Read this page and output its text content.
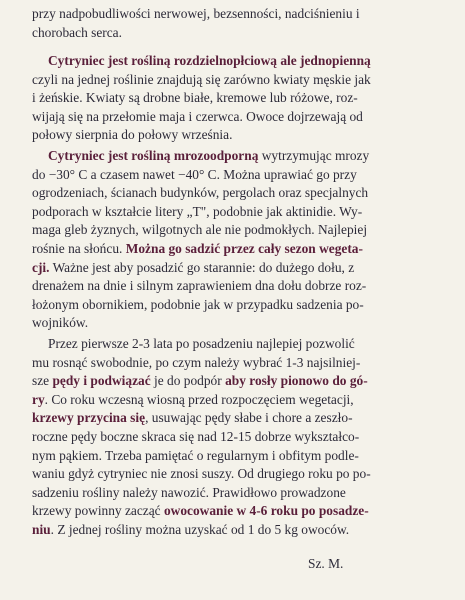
przy nadpobudliwości nerwowej, bezsenności, nadciśnieniu i
chorobach serca.

Cytryniec jest rośliną rozdzielnopłciową ale jednopienną
czyli na jednej roślinie znajdują się zarówno kwiaty męskie jak
i żeńskie. Kwiaty są drobne białe, kremowe lub różowe, roz-
wijają się na przełomie maja i czerwca. Owoce dojrzewają od
połowy sierpnia do połowy września.

Cytryniec jest rośliną mrozoodporną wytrzymując mrozy
do −30° C a czasem nawet −40° C. Można uprawiać go przy
ogrodzeniach, ścianach budynków, pergolach oraz specjalnych
podporach w kształcie litery „T", podobnie jak aktinidie. Wy-
maga gleb żyznych, wilgotnych ale nie podmokłych. Najlepiej
rośnie na słońcu. Można go sadzić przez cały sezon wegeta-
cji. Ważne jest aby posadzić go starannie: do dużego dołu, z
drenażem na dnie i silnym zaprawieniem dna dołu dobrze roz-
łożonym obornikiem, podobnie jak w przypadku sadzenia po-
wojników.

Przez pierwsze 2-3 lata po posadzeniu najlepiej pozwolić
mu rosnąć swobodnie, po czym należy wybrać 1-3 najsilniej-
sze pędy i podwiązać je do podpór aby rosły pionowo do gó-
ry. Co roku wczesną wiosną przed rozpoczęciem wegetacji,
krzewy przycina się, usuwając pędy słabe i chore a zeszło-
roczne pędy boczne skraca się nad 12-15 dobrze wykształco-
nym pąkiem. Trzeba pamiętać o regularnym i obfitym podle-
waniu gdyż cytryniec nie znosi suszy. Od drugiego roku po po-
sadzeniu rośliny należy nawozić. Prawidłowo prowadzone
krzewy powinny zacząć owocowanie w 4-6 roku po posadze-
niu. Z jednej rośliny można uzyskać od 1 do 5 kg owoców.

Sz. M.
